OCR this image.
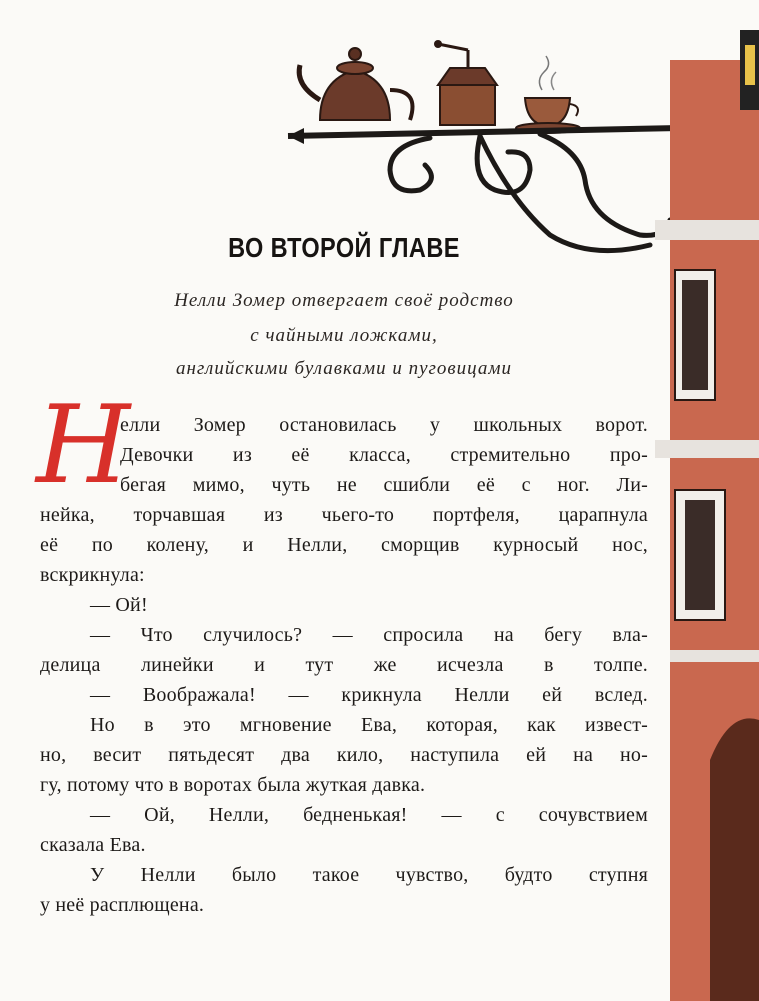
ВО ВТОРОЙ ГЛАВЕ
Нелли Зомер отвергает своё родство
с чайными ложками,
английскими булавками и пуговицами
Н
елли Зомер остановилась у школьных ворот.
Девочки из её класса, стремительно про-
бегая мимо, чуть не сшибли её с ног. Ли-
нейка, торчавшая из чьего-то портфеля, царапнула
её по колену, и Нелли, сморщив курносый нос,
вскрикнула:
— Ой!
— Что случилось? — спросила на бегу вла-
делица линейки и тут же исчезла в толпе.
— Воображала! — крикнула Нелли ей вслед.
Но в это мгновение Ева, которая, как извест-
но, весит пятьдесят два кило, наступила ей на но-
гу, потому что в воротах была жуткая давка.
— Ой, Нелли, бедненькая! — с сочувствием
сказала Ева.
У Нелли было такое чувство, будто ступня
у неё расплющена.
